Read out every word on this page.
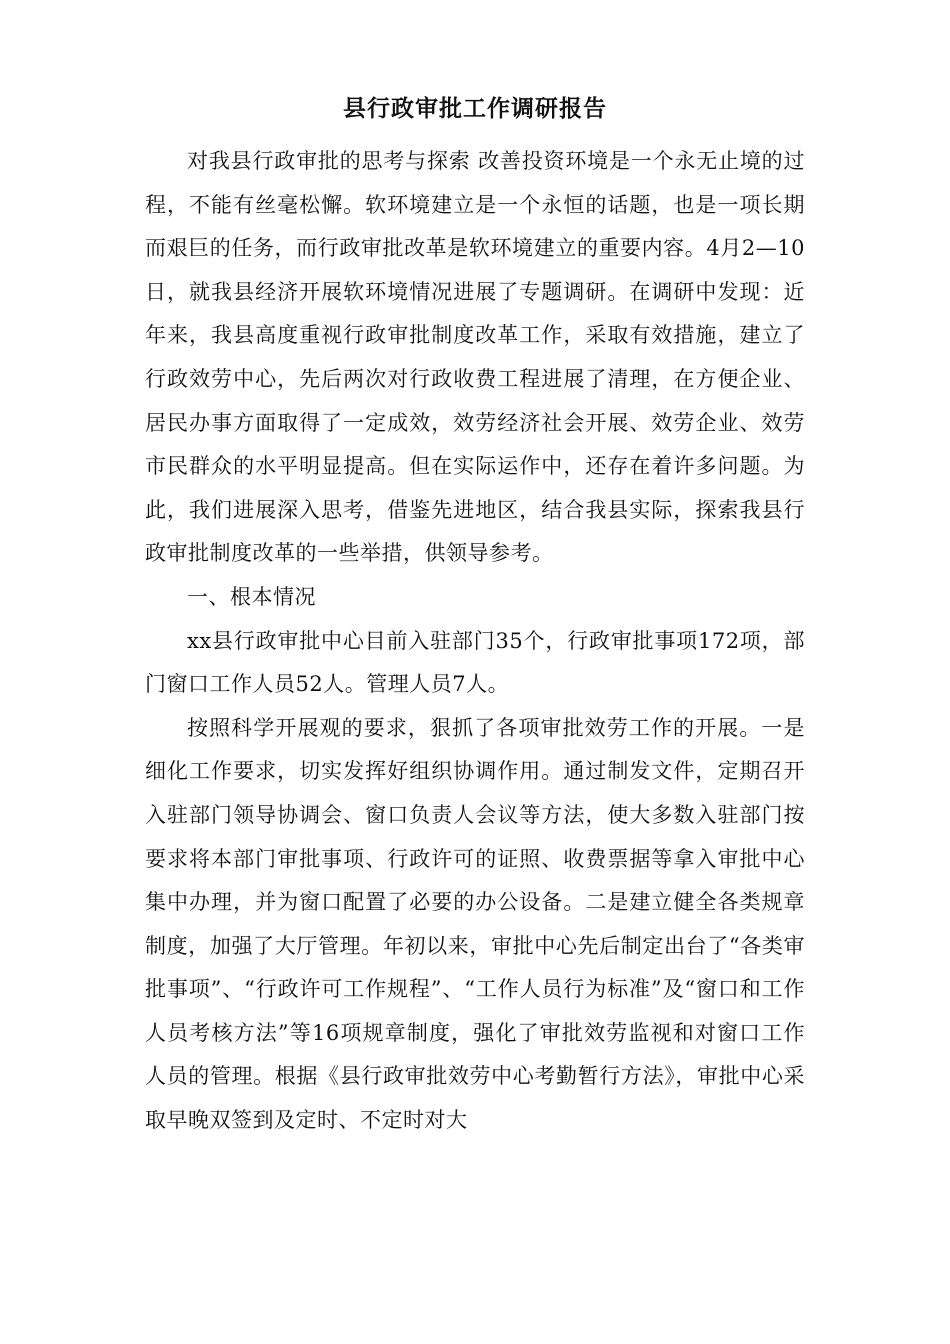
县行政审批工作调研报告

对我县行政审批的思考与探索 改善投资环境是一个永无止境的过程，不能有丝毫松懈。软环境建立是一个永恒的话题，也是一项长期而艰巨的任务，而行政审批改革是软环境建立的重要内容。4月2—10日，就我县经济开展软环境情况进展了专题调研。在调研中发现：近年来，我县高度重视行政审批制度改革工作，采取有效措施，建立了行政效劳中心，先后两次对行政收费工程进展了清理，在方便企业、居民办事方面取得了一定成效，效劳经济社会开展、效劳企业、效劳市民群众的水平明显提高。但在实际运作中，还存在着许多问题。为此，我们进展深入思考，借鉴先进地区，结合我县实际，探索我县行政审批制度改革的一些举措，供领导参考。

一、根本情况

xx县行政审批中心目前入驻部门35个，行政审批事项172项，部门窗口工作人员52人。管理人员7人。

按照科学开展观的要求，狠抓了各项审批效劳工作的开展。一是细化工作要求，切实发挥好组织协调作用。通过制发文件，定期召开入驻部门领导协调会、窗口负责人会议等方法，使大多数入驻部门按要求将本部门审批事项、行政许可的证照、收费票据等拿入审批中心集中办理，并为窗口配置了必要的办公设备。二是建立健全各类规章制度，加强了大厅管理。年初以来，审批中心先后制定出台了“各类审批事项”、“行政许可工作规程”、“工作人员行为标准”及“窗口和工作人员考核方法”等16项规章制度，强化了审批效劳监视和对窗口工作人员的管理。根据《县行政审批效劳中心考勤暂行方法》，审批中心采取早晚双签到及定时、不定时对大
